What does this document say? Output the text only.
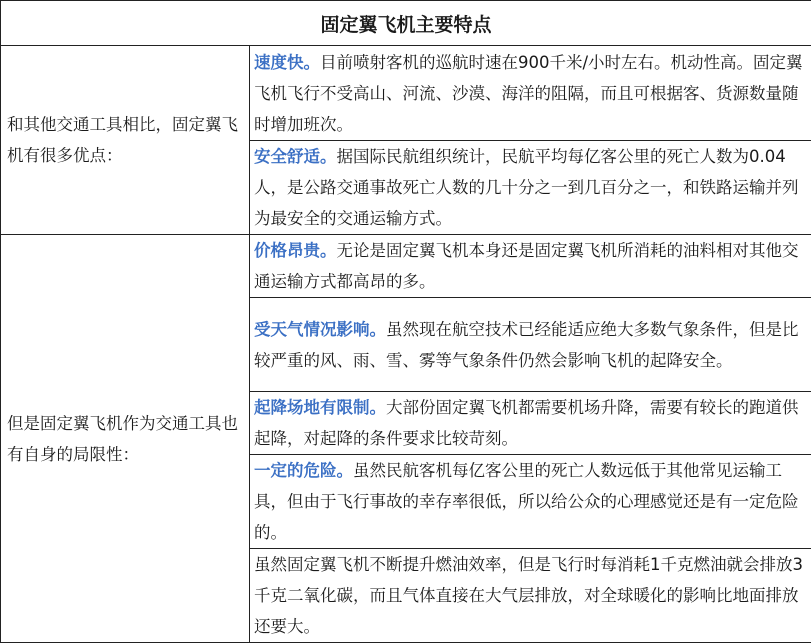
固定翼飞机主要特点	
和其他交通工具相比，固定翼飞机有很多优点：	速度快。目前喷射客机的巡航时速在900千米/小时左右。机动性高。固定翼飞机飞行不受高山、河流、沙漠、海洋的阻隔，而且可根据客、货源数量随时增加班次。
	安全舒适。据国际民航组织统计，民航平均每亿客公里的死亡人数为0.04人，是公路交通事故死亡人数的几十分之一到几百分之一，和铁路运输并列为最安全的交通运输方式。
但是固定翼飞机作为交通工具也有自身的局限性：	价格昂贵。无论是固定翼飞机本身还是固定翼飞机所消耗的油料相对其他交通运输方式都高昂的多。
	受天气情况影响。虽然现在航空技术已经能适应绝大多数气象条件，但是比较严重的风、雨、雪、雾等气象条件仍然会影响飞机的起降安全。
	起降场地有限制。大部份固定翼飞机都需要机场升降，需要有较长的跑道供起降，对起降的条件要求比较苛刻。
	一定的危险。虽然民航客机每亿客公里的死亡人数远低于其他常见运输工具，但由于飞行事故的幸存率很低，所以给公众的心理感觉还是有一定危险的。
	虽然固定翼飞机不断提升燃油效率，但是飞行时每消耗1千克燃油就会排放3千克二氧化碳，而且气体直接在大气层排放，对全球暖化的影响比地面排放还要大。
